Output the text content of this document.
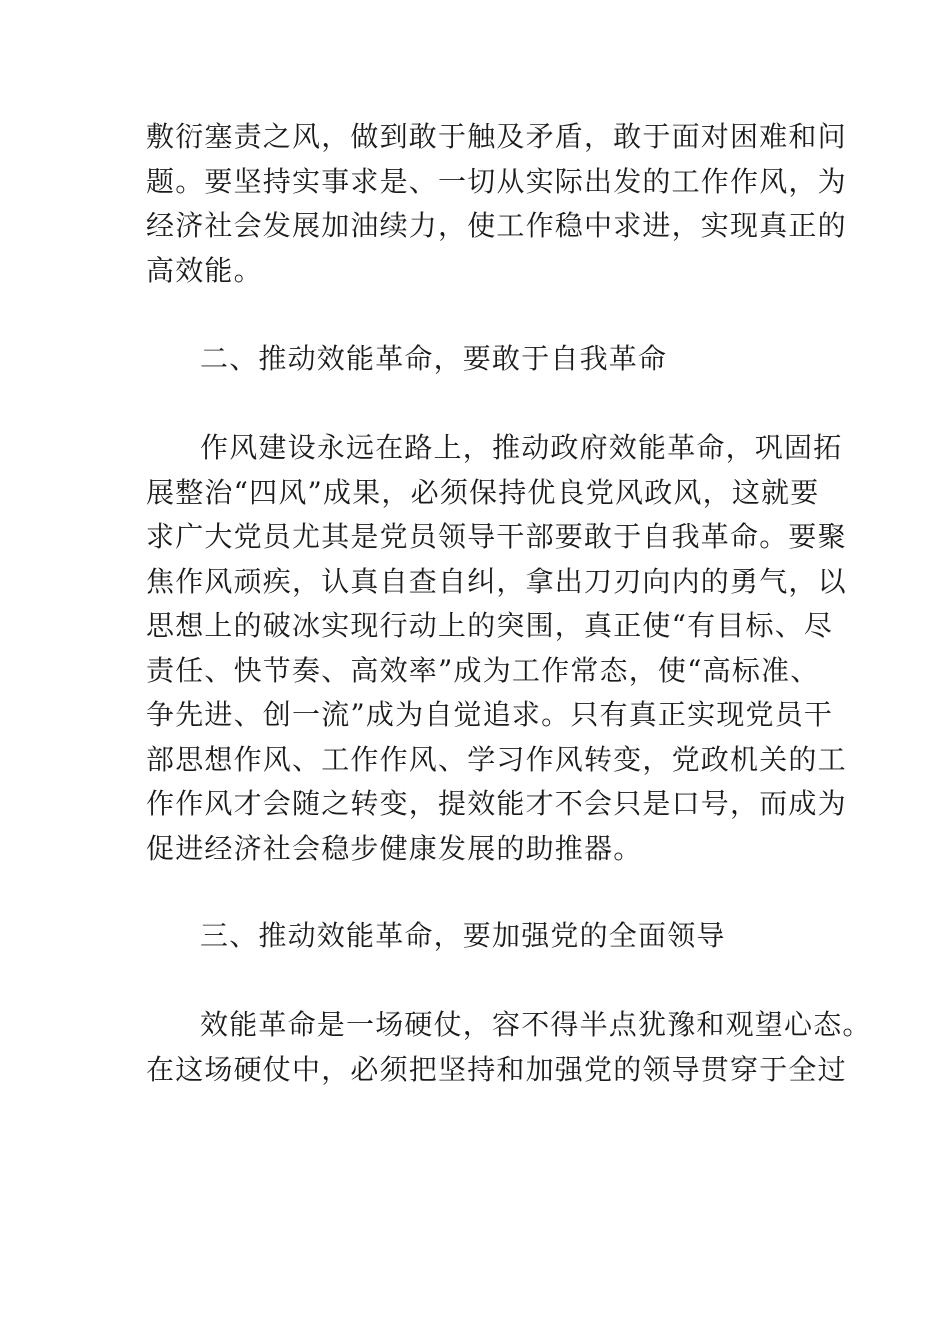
敷衍塞责之风，做到敢于触及矛盾，敢于面对困难和问
题。要坚持实事求是、一切从实际出发的工作作风，为
经济社会发展加油续力，使工作稳中求进，实现真正的
高效能。
二、推动效能革命，要敢于自我革命
作风建设永远在路上，推动政府效能革命，巩固拓
展整治“四风”成果，必须保持优良党风政风，这就要
求广大党员尤其是党员领导干部要敢于自我革命。要聚
焦作风顽疾，认真自查自纠，拿出刀刃向内的勇气，以
思想上的破冰实现行动上的突围，真正使“有目标、尽
责任、快节奏、高效率”成为工作常态，使“高标准、
争先进、创一流”成为自觉追求。只有真正实现党员干
部思想作风、工作作风、学习作风转变，党政机关的工
作作风才会随之转变，提效能才不会只是口号，而成为
促进经济社会稳步健康发展的助推器。
三、推动效能革命，要加强党的全面领导
效能革命是一场硬仗，容不得半点犹豫和观望心态。
在这场硬仗中，必须把坚持和加强党的领导贯穿于全过
